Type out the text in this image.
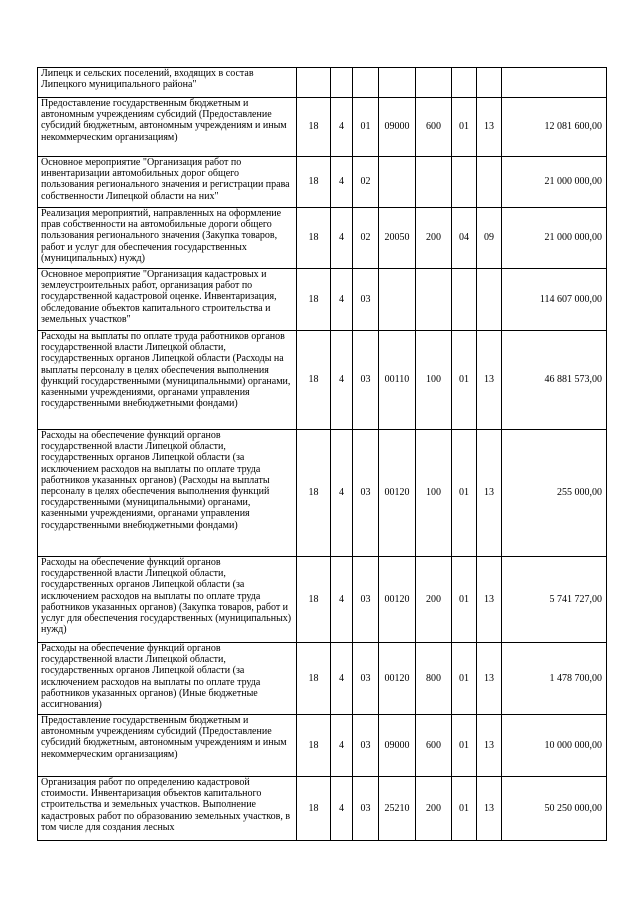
Липецк и сельских поселений, входящих в состав Липецкого муниципального района"								
Предоставление государственным бюджетным и автономным учреждениям субсидий (Предоставление субсидий бюджетным, автономным учреждениям и иным некоммерческим организациям)	18	4	01	09000	600	01	13	12 081 600,00
Основное мероприятие "Организация работ по инвентаризации автомобильных дорог общего пользования регионального значения и регистрации права собственности Липецкой области на них"	18	4	02					21 000 000,00
Реализация мероприятий, направленных на оформление прав собственности на автомобильные дороги общего пользования регионального значения (Закупка товаров, работ и услуг для обеспечения государственных (муниципальных) нужд)	18	4	02	20050	200	04	09	21 000 000,00
Основное мероприятие "Организация кадастровых и землеустроительных работ, организация работ по государственной кадастровой оценке. Инвентаризация, обследование объектов капитального строительства и земельных участков"	18	4	03					114 607 000,00
Расходы на выплаты по оплате труда работников органов государственной власти Липецкой области, государственных органов Липецкой области (Расходы на выплаты персоналу в целях обеспечения выполнения функций государственными (муниципальными) органами, казенными учреждениями, органами управления государственными внебюджетными фондами)	18	4	03	00110	100	01	13	46 881 573,00
Расходы на обеспечение функций органов государственной власти Липецкой области, государственных органов Липецкой области (за исключением расходов на выплаты по оплате труда работников указанных органов) (Расходы на выплаты персоналу в целях обеспечения выполнения функций государственными (муниципальными) органами, казенными учреждениями, органами управления государственными внебюджетными фондами)	18	4	03	00120	100	01	13	255 000,00
Расходы на обеспечение функций органов государственной власти Липецкой области, государственных органов Липецкой области (за исключением расходов на выплаты по оплате труда работников указанных органов) (Закупка товаров, работ и услуг для обеспечения государственных (муниципальных) нужд)	18	4	03	00120	200	01	13	5 741 727,00
Расходы на обеспечение функций органов государственной власти Липецкой области, государственных органов Липецкой области (за исключением расходов на выплаты по оплате труда работников указанных органов) (Иные бюджетные ассигнования)	18	4	03	00120	800	01	13	1 478 700,00
Предоставление государственным бюджетным и автономным учреждениям субсидий (Предоставление субсидий бюджетным, автономным учреждениям и иным некоммерческим организациям)	18	4	03	09000	600	01	13	10 000 000,00
Организация работ по определению кадастровой стоимости. Инвентаризация объектов капитального строительства и земельных участков. Выполнение кадастровых работ по образованию земельных участков, в том числе для создания лесных	18	4	03	25210	200	01	13	50 250 000,00
